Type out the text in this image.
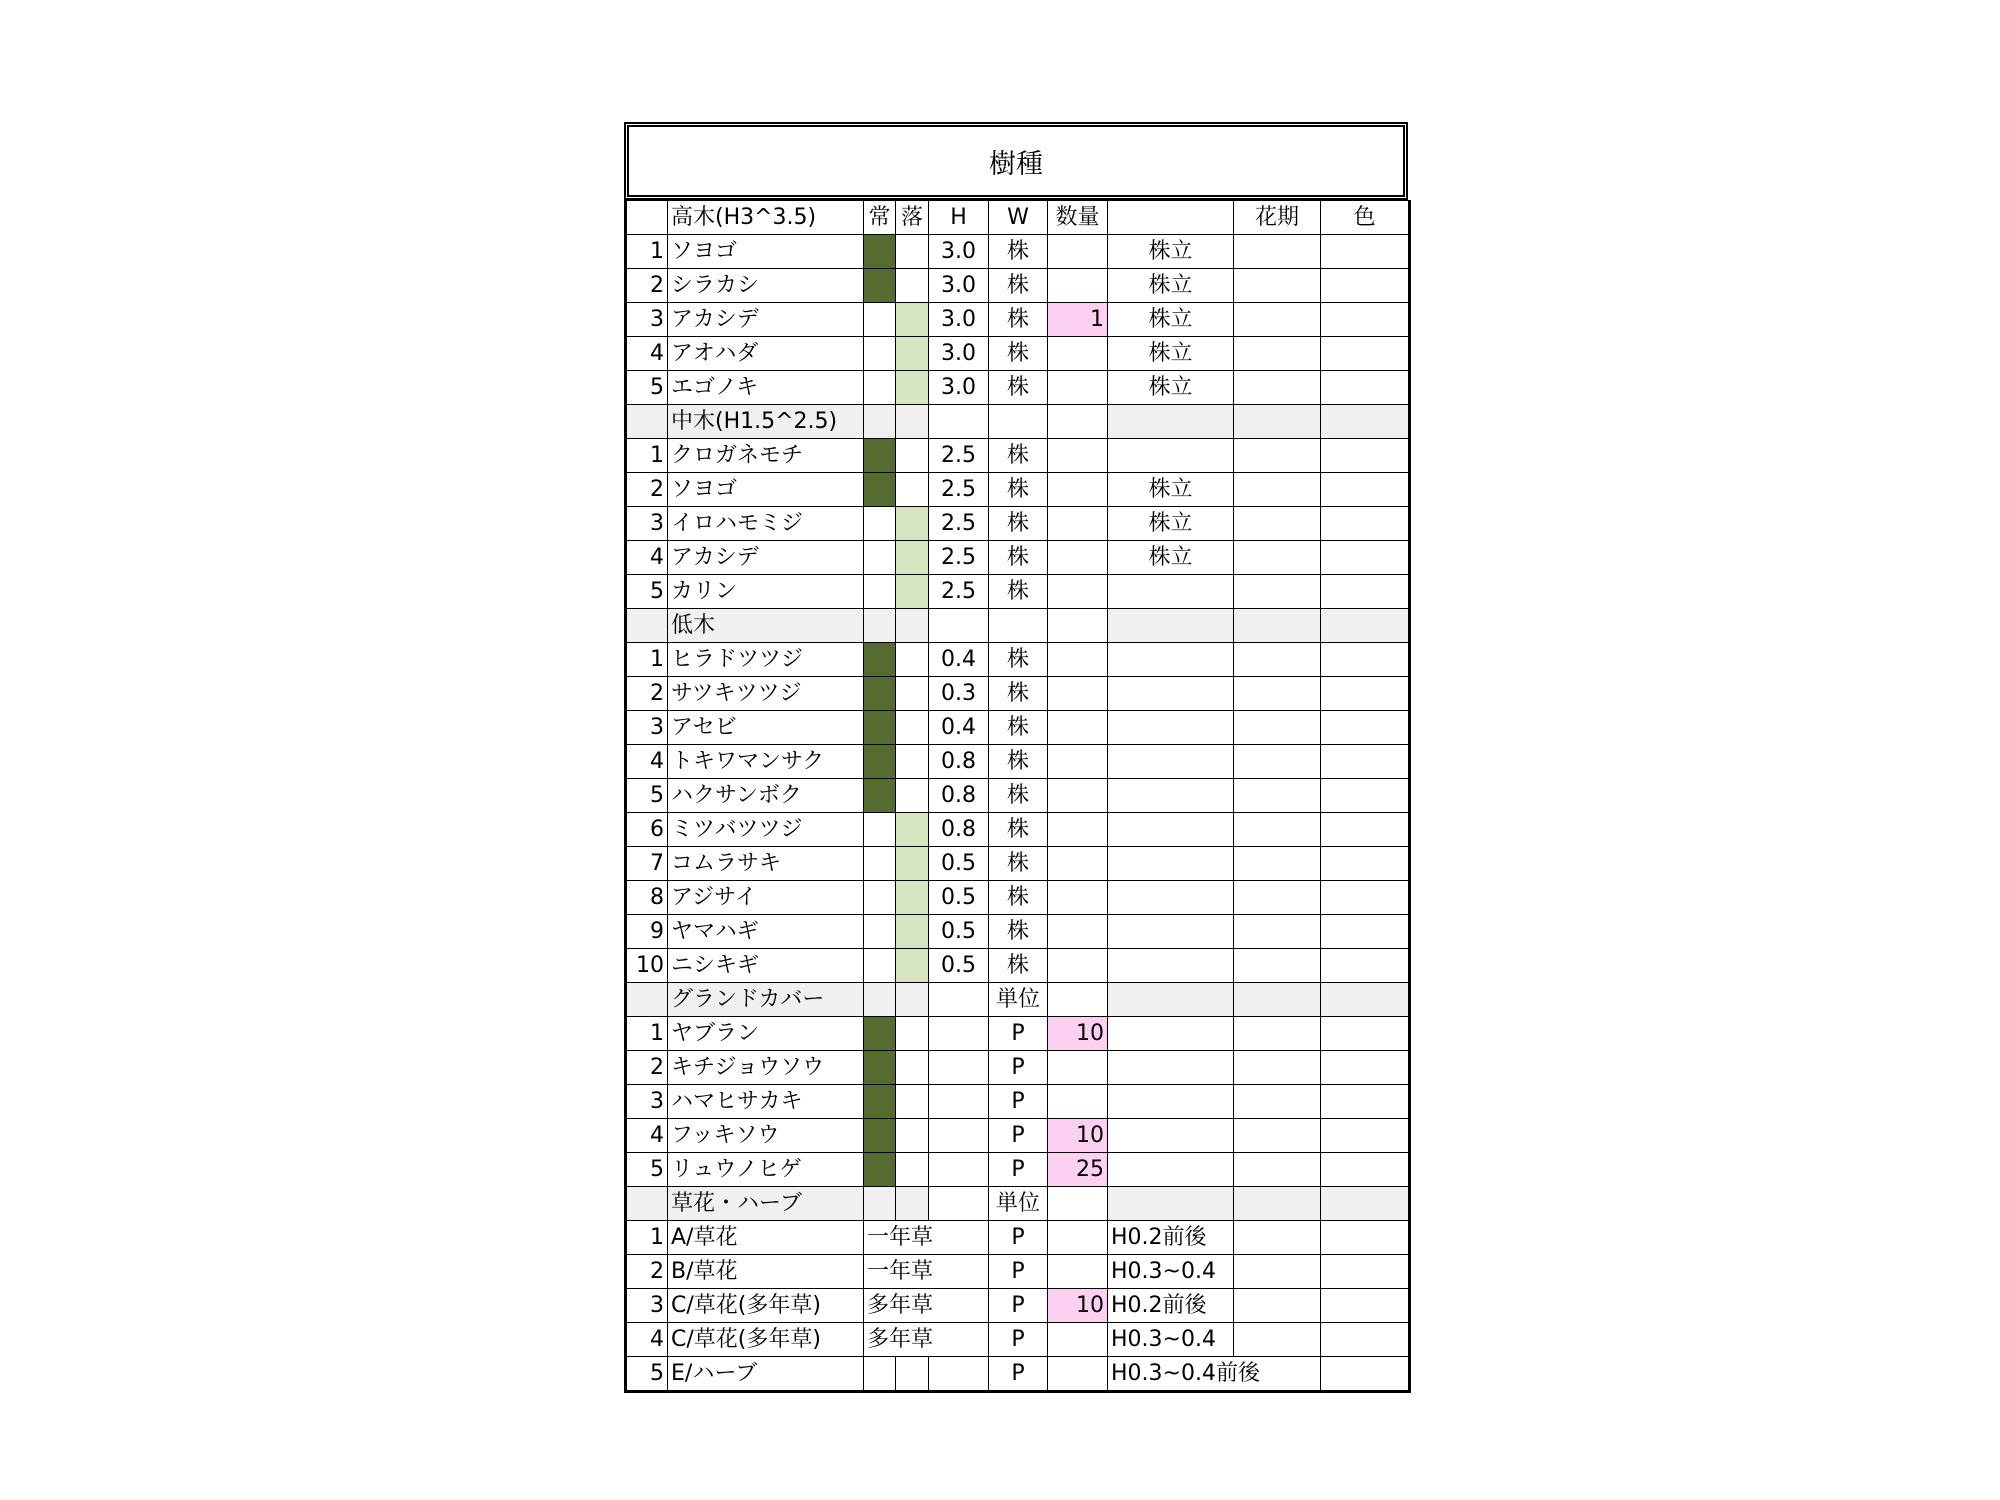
樹種
	高木(H3^3.5)	常	落	H	W	数量		花期	色
1	ソヨゴ			3.0	株		株立		
2	シラカシ			3.0	株		株立		
3	アカシデ			3.0	株	1	株立		
4	アオハダ			3.0	株		株立		
5	エゴノキ			3.0	株		株立		
	中木(H1.5^2.5)								
1	クロガネモチ			2.5	株				
2	ソヨゴ			2.5	株		株立		
3	イロハモミジ			2.5	株		株立		
4	アカシデ			2.5	株		株立		
5	カリン			2.5	株				
	低木								
1	ヒラドツツジ			0.4	株				
2	サツキツツジ			0.3	株				
3	アセビ			0.4	株				
4	トキワマンサク			0.8	株				
5	ハクサンボク			0.8	株				
6	ミツバツツジ			0.8	株				
7	コムラサキ			0.5	株				
8	アジサイ			0.5	株				
9	ヤマハギ			0.5	株				
10	ニシキギ			0.5	株				
	グランドカバー				単位				
1	ヤブラン				P	10			
2	キチジョウソウ				P				
3	ハマヒサカキ				P				
4	フッキソウ				P	10			
5	リュウノヒゲ				P	25			
	草花・ハーブ				単位				
1	A/草花	一年草			P		H0.2前後		
2	B/草花	一年草			P		H0.3~0.4		
3	C/草花(多年草)	多年草			P	10	H0.2前後		
4	C/草花(多年草)	多年草			P		H0.3~0.4		
5	E/ハーブ				P		H0.3~0.4前後		
